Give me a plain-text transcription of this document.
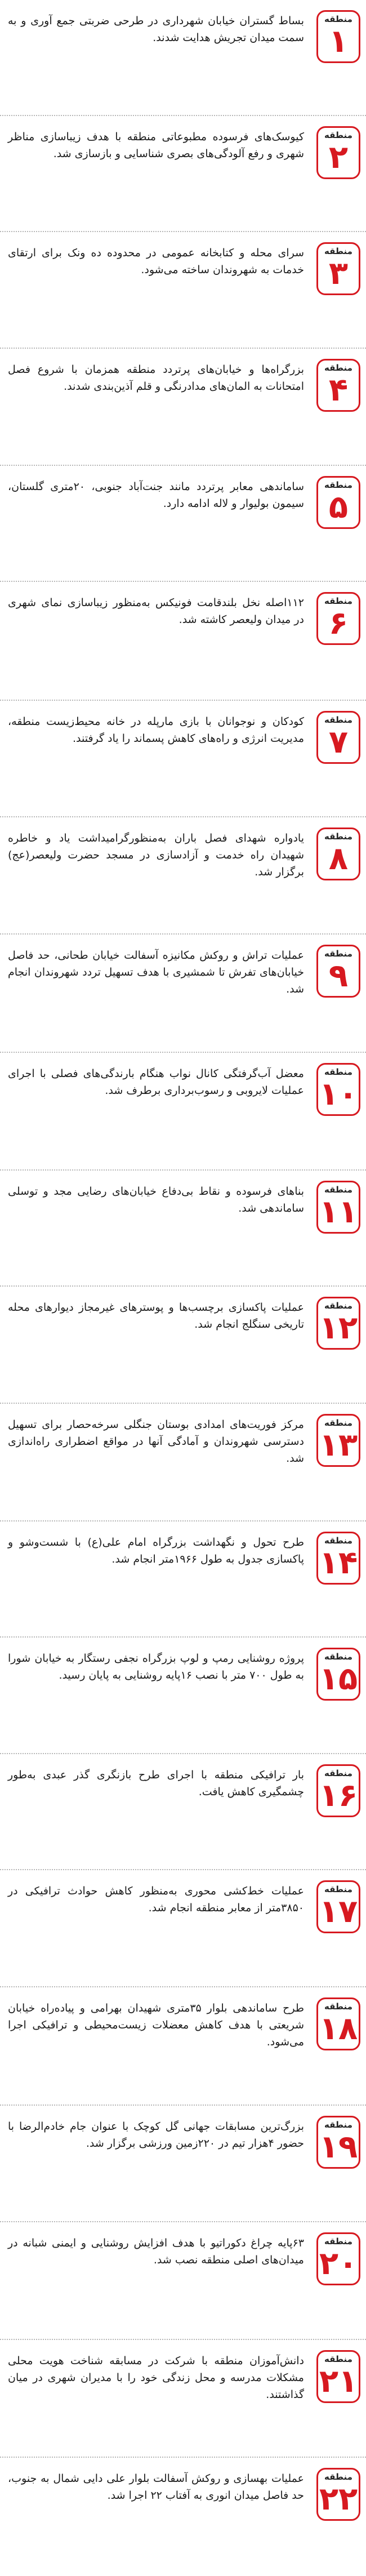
منطقه
۱
بساط گستران خیابان شهرداری در طرحی ضربتی جمع آوری و به سمت میدان تجریش هدایت شدند.
منطقه
۲
کیوسک‌های فرسوده مطبوعاتی منطقه با هدف زیباسازی مناظر شهری و رفع آلودگی‌های بصری شناسایی و بازسازی شد.
منطقه
۳
سرای محله و کتابخانه عمومی در محدوده ده ونک برای ارتقای خدمات به شهروندان ساخته می‌شود.
منطقه
۴
بزرگراه‌ها و خیابان‌های پرتردد منطقه همزمان با شروع فصل امتحانات به المان‌های مدادرنگی و قلم آذین‌بندی شدند.
منطقه
۵
ساماندهی معابر پرتردد مانند جنت‌آباد جنوبی، ۲۰متری گلستان، سیمون بولیوار و لاله ادامه دارد.
منطقه
۶
۱۱۲اصله نخل بلندقامت فونیکس به‌منظور زیباسازی نمای شهری در میدان ولیعصر کاشته شد.
منطقه
۷
کودکان و نوجوانان با بازی مارپله در خانه محیط‌زیست منطقه، مدیریت انرژی و راه‌های کاهش پسماند را یاد گرفتند.
منطقه
۸
یادواره شهدای فصل باران به‌منظورگرامیداشت یاد و خاطره شهیدان راه خدمت و آزادسازی در مسجد حضرت ولیعصر(عج) برگزار شد.
منطقه
۹
عملیات تراش و روکش مکانیزه آسفالت خیابان طحانی، حد فاصل خیابان‌های تفرش تا شمشیری با هدف تسهیل تردد شهروندان انجام شد.
منطقه
۱۰
معضل آب‌گرفتگی کانال نواب هنگام بارندگی‌های فصلی با اجرای عملیات لایروبی و رسوب‌برداری برطرف شد.
منطقه
۱۱
بناهای فرسوده و نقاط بی‌دفاع خیابان‌های رضایی مجد و توسلی ساماندهی شد.
منطقه
۱۲
عملیات پاکسازی برچسب‌ها و پوسترهای غیرمجاز دیوارهای محله تاریخی سنگلج انجام شد.
منطقه
۱۳
مرکز فوریت‌های امدادی بوستان جنگلی سرخه‌حصار برای تسهیل دسترسی شهروندان و آمادگی آنها در مواقع اضطراری راه‌اندازی شد.
منطقه
۱۴
طرح تحول و نگهداشت بزرگراه امام علی(ع) با شست‌وشو و پاکسازی جدول به طول ۱۹۶۶متر انجام شد.
منطقه
۱۵
پروژه روشنایی رمپ و لوپ بزرگراه نجفی رستگار به خیابان شورا به طول ۷۰۰ متر با نصب ۱۶پایه روشنایی به پایان رسید.
منطقه
۱۶
بار ترافیکی منطقه با اجرای طرح بازنگری گذر عبدی به‌طور چشمگیری کاهش یافت.
منطقه
۱۷
عملیات خط‌کشی محوری به‌منظور کاهش حوادث ترافیکی در ۳۸۵۰متر از معابر منطقه انجام شد.
منطقه
۱۸
طرح ساماندهی بلوار ۳۵متری شهیدان بهرامی و پیاده‌راه خیابان شریعتی با هدف کاهش معضلات زیست‌محیطی و ترافیکی اجرا می‌شود.
منطقه
۱۹
بزرگ‌ترین مسابقات جهانی گل کوچک با عنوان جام خادم‌الرضا با حضور ۴هزار تیم در ۲۲۰زمین ورزشی برگزار شد.
منطقه
۲۰
۶۳پایه چراغ دکوراتیو با هدف افزایش روشنایی و ایمنی شبانه در میدان‌های اصلی منطقه نصب شد.
منطقه
۲۱
دانش‌آموزان منطقه با شرکت در مسابقه شناخت هویت محلی مشکلات مدرسه و محل زندگی خود را با مدیران شهری در میان گذاشتند.
منطقه
۲۲
عملیات بهسازی و روکش آسفالت بلوار علی دایی شمال به جنوب، حد فاصل میدان انوری به آفتاب ۲۲ اجرا شد.
